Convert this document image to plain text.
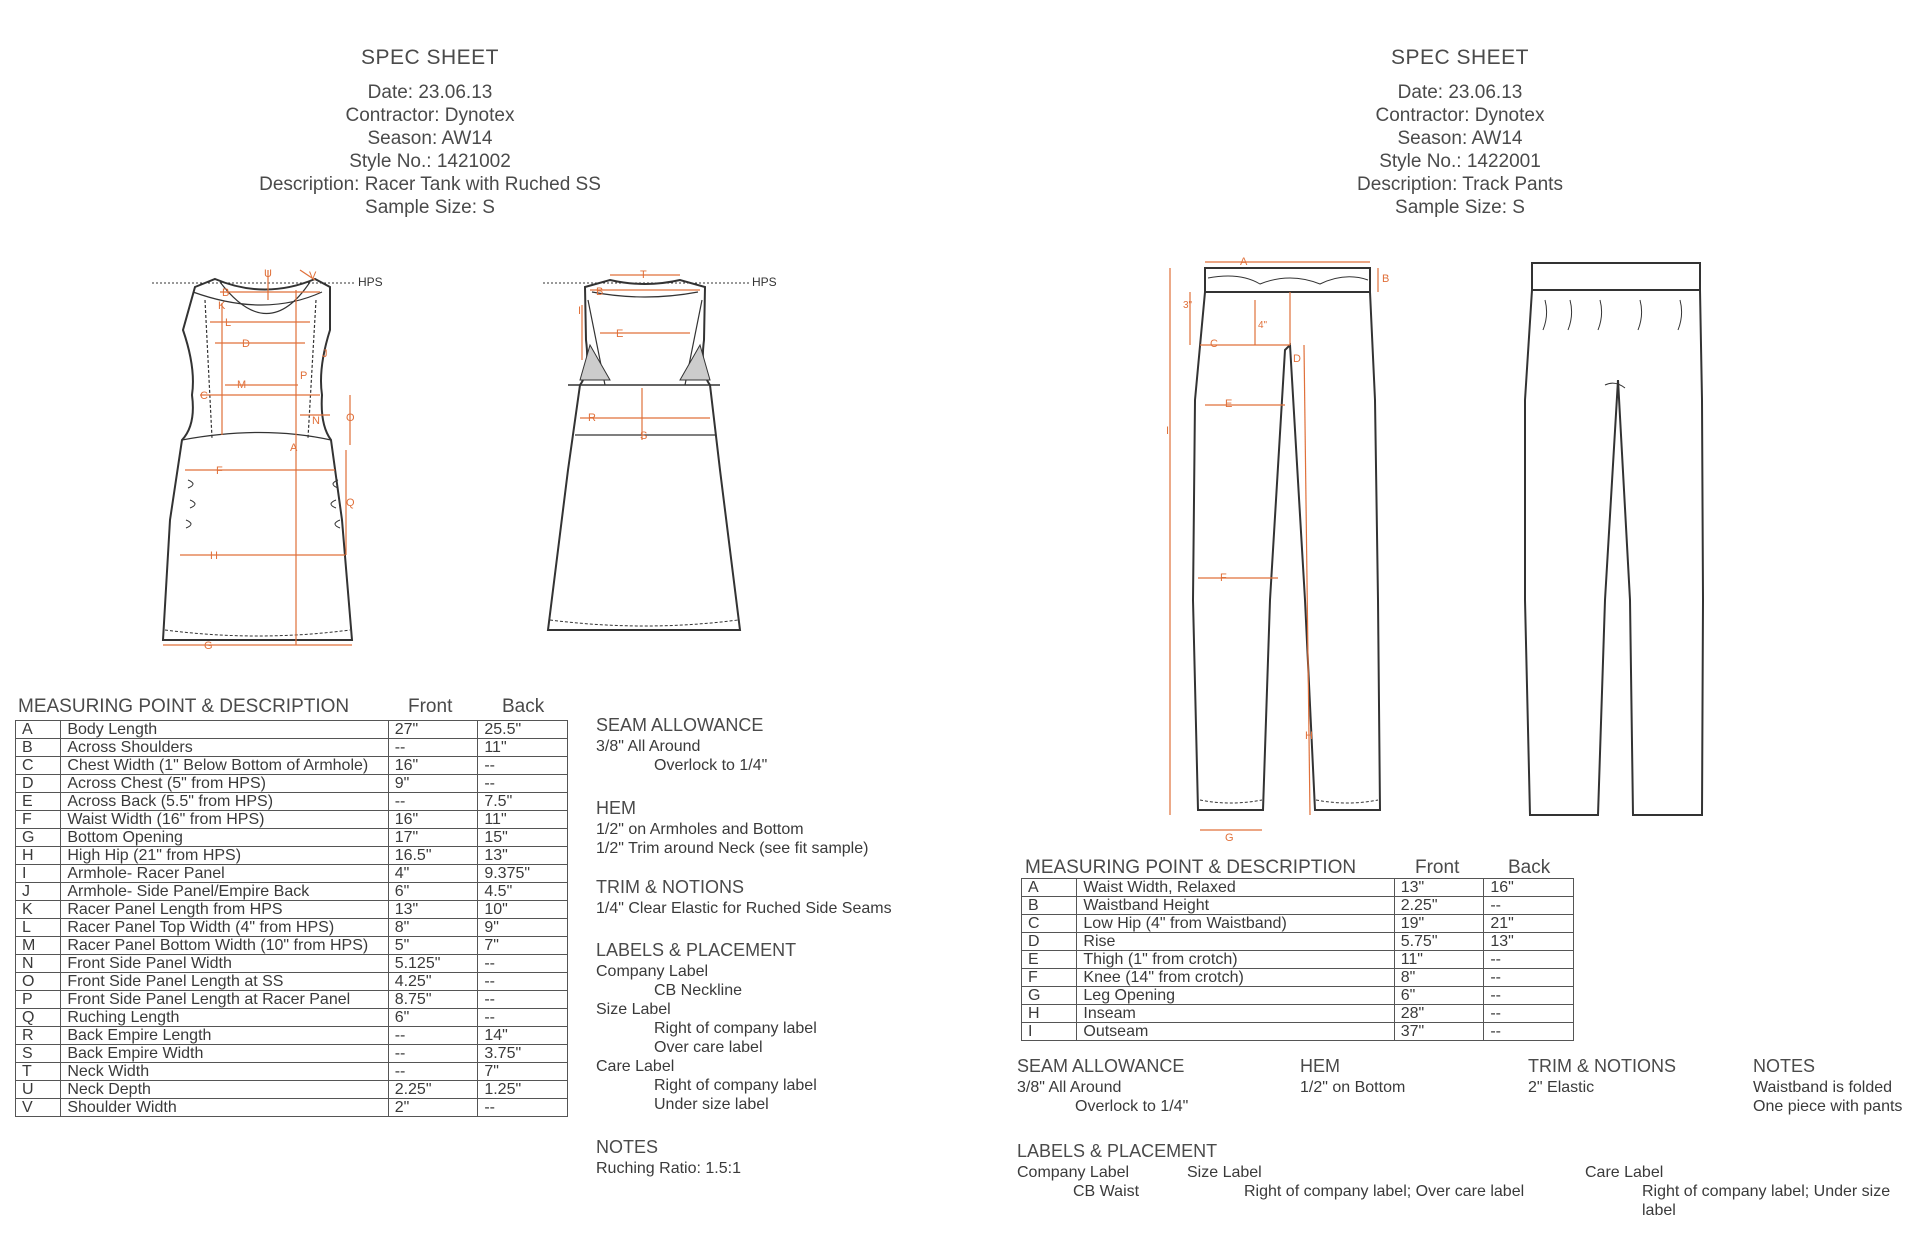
SPEC SHEET
Date: 23.06.13
Contractor: Dynotex
Season: AW14
Style No.: 1421002
Description: Racer Tank with Ruched SS
Sample Size: S
SPEC SHEET
Date: 23.06.13
Contractor: Dynotex
Season: AW14
Style No.: 1422001
Description: Track Pants
Sample Size: S
HPS	HPS
U	V
B
K
L
D
J
P
C
M
N O
A
F
Q
H
G
T
B
I
E
R
S
A
B
C
D
E
F
G
H
I
4"
3"
MEASURING POINT & DESCRIPTION	Front	Back
A	Body Length	27"	25.5"
B	Across Shoulders	--	11"
C	Chest Width (1" Below Bottom of Armhole)	16"	--
D	Across Chest (5" from HPS)	9"	--
E	Across Back (5.5" from HPS)	--	7.5"
F	Waist Width (16" from HPS)	16"	11"
G	Bottom Opening	17"	15"
H	High Hip (21" from HPS)	16.5"	13"
I	Armhole- Racer Panel	4"	9.375"
J	Armhole- Side Panel/Empire Back	6"	4.5"
K	Racer Panel Length from HPS	13"	10"
L	Racer Panel Top Width (4" from HPS)	8"	9"
M	Racer Panel Bottom Width (10" from HPS)	5"	7"
N	Front Side Panel Width	5.125"	--
O	Front Side Panel Length at SS	4.25"	--
P	Front Side Panel Length at Racer Panel	8.75"	--
Q	Ruching Length	6"	--
R	Back Empire Length	--	14"
S	Back Empire Width	--	3.75"
T	Neck Width	--	7"
U	Neck Depth	2.25"	1.25"
V	Shoulder Width	2"	--
SEAM ALLOWANCE
3/8" All Around
Overlock to 1/4"
HEM
1/2" on Armholes and Bottom
1/2" Trim around Neck (see fit sample)
TRIM & NOTIONS
1/4" Clear Elastic for Ruched Side Seams
LABELS & PLACEMENT
Company Label
CB Neckline
Size Label
Right of company label
Over care label
Care Label
Right of company label
Under size label
NOTES
Ruching Ratio: 1.5:1
MEASURING POINT & DESCRIPTION	Front	Back
A	Waist Width, Relaxed	13"	16"
B	Waistband Height	2.25"	--
C	Low Hip (4" from Waistband)	19"	21"
D	Rise	5.75"	13"
E	Thigh (1" from crotch)	11"	--
F	Knee (14" from crotch)	8"	--
G	Leg Opening	6"	--
H	Inseam	28"	--
I	Outseam	37"	--
SEAM ALLOWANCE
3/8" All Around
Overlock to 1/4"
HEM
1/2" on Bottom
TRIM & NOTIONS
2" Elastic
NOTES
Waistband is folded
One piece with pants
LABELS & PLACEMENT
Company Label
CB Waist
Size Label
Right of company label; Over care label
Care Label
Right of company label; Under size label
